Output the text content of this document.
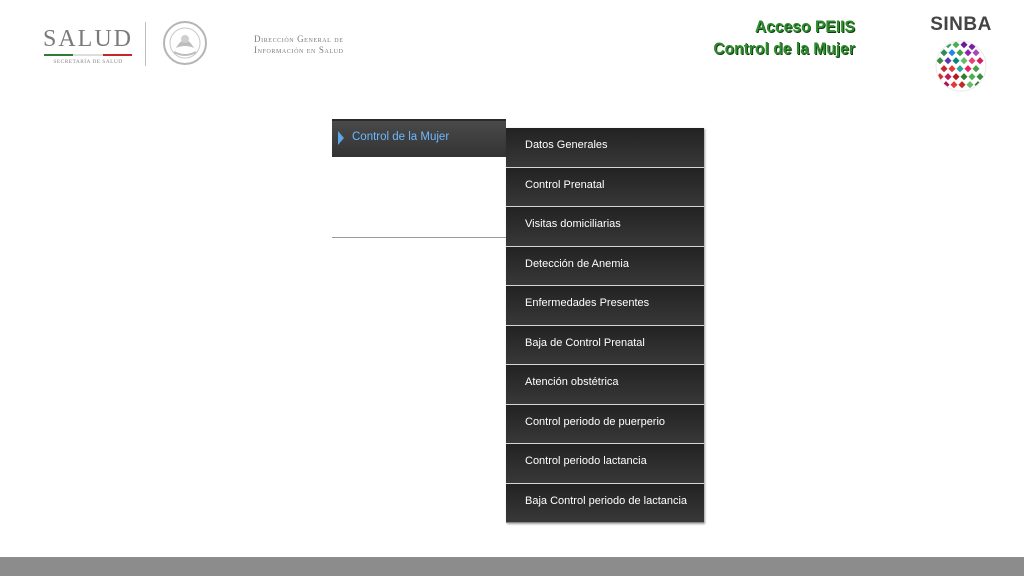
SALUD
SECRETARÍA DE SALUD
Dirección General de
Información en Salud
Acceso PEIIS
Control de la Mujer
SINBA
Control de la Mujer
Datos Generales
Control Prenatal
Visitas domiciliarias
Detección de Anemia
Enfermedades Presentes
Baja de Control Prenatal
Atención obstétrica
Control periodo de puerperio
Control periodo lactancia
Baja Control periodo de lactancia
